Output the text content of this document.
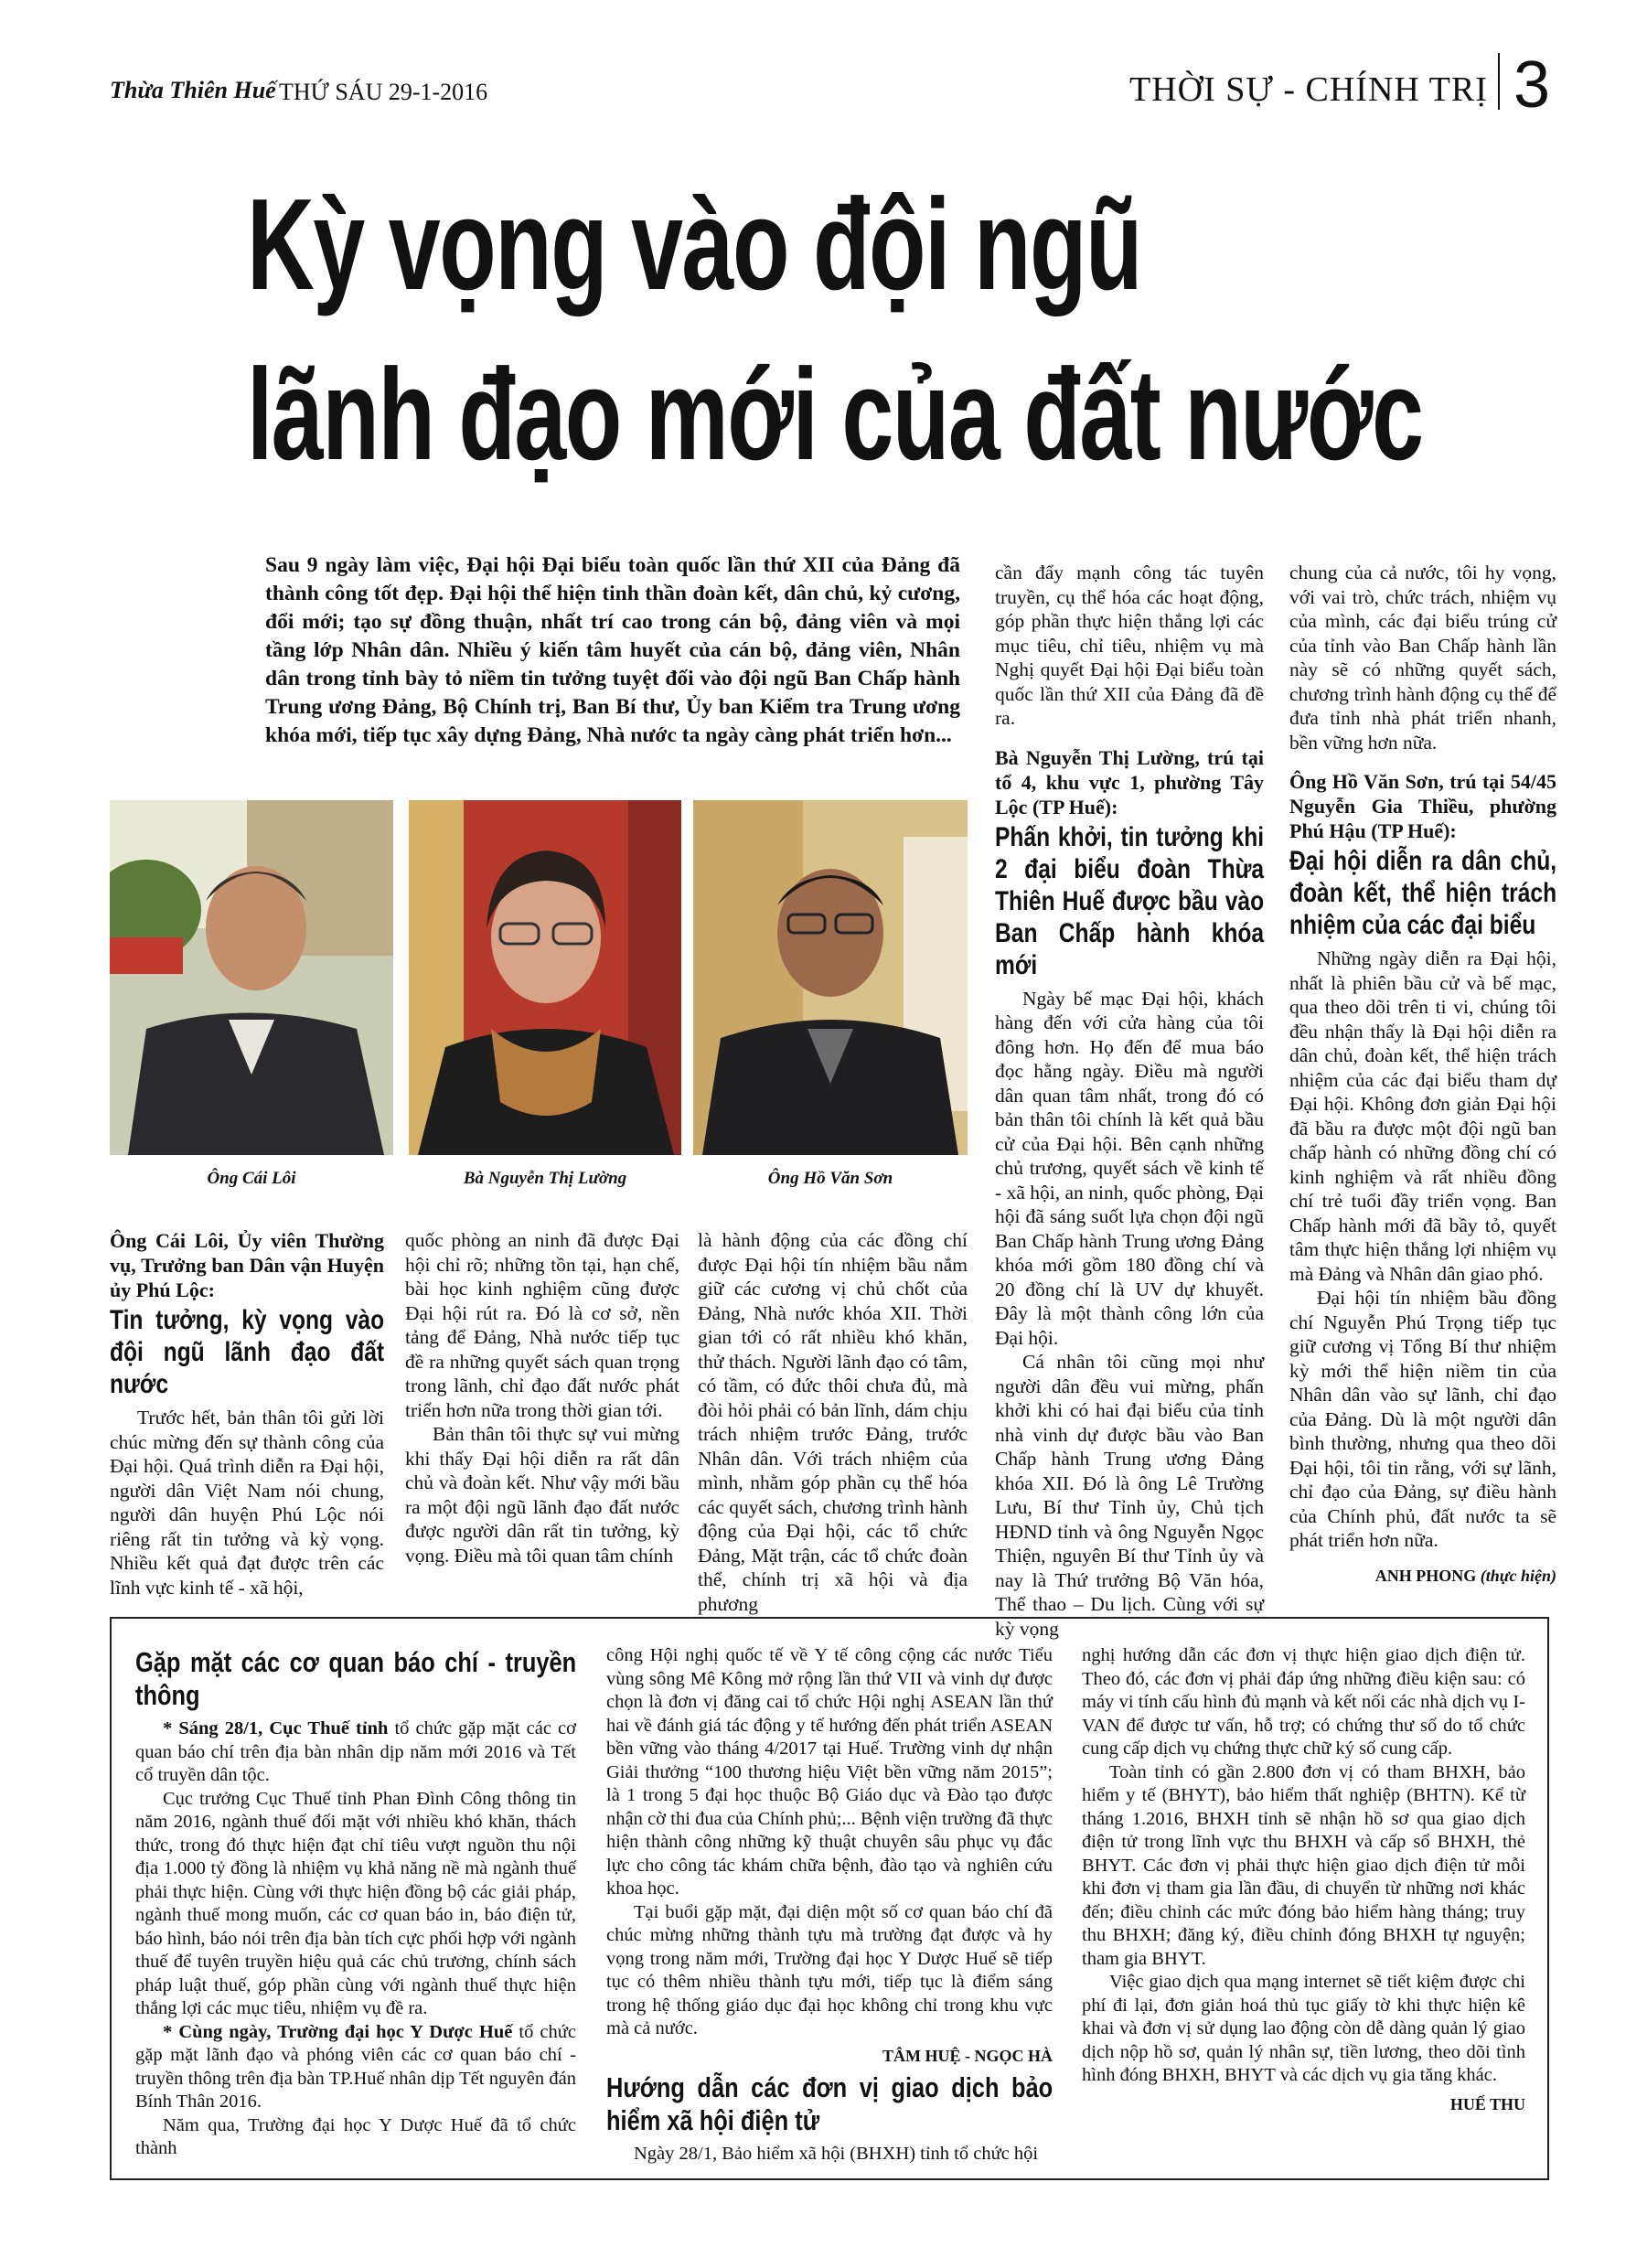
Thừa Thiên Huế THỨ SÁU 29-1-2016	THỜI SỰ - CHÍNH TRỊ 3
Kỳ vọng vào đội ngũ
lãnh đạo mới của đất nước
Sau 9 ngày làm việc, Đại hội Đại biểu toàn quốc lần thứ XII của Đảng đã thành công tốt đẹp. Đại hội thể hiện tinh thần đoàn kết, dân chủ, kỷ cương, đổi mới; tạo sự đồng thuận, nhất trí cao trong cán bộ, đảng viên và mọi tầng lớp Nhân dân. Nhiều ý kiến tâm huyết của cán bộ, đảng viên, Nhân dân trong tỉnh bày tỏ niềm tin tưởng tuyệt đối vào đội ngũ Ban Chấp hành Trung ương Đảng, Bộ Chính trị, Ban Bí thư, Ủy ban Kiểm tra Trung ương khóa mới, tiếp tục xây dựng Đảng, Nhà nước ta ngày càng phát triển hơn...
Ông Cái Lôi	Bà Nguyễn Thị Lường	Ông Hồ Văn Sơn

Ông Cái Lôi, Ủy viên Thường vụ, Trưởng ban Dân vận Huyện ủy Phú Lộc:

Tin tưởng, kỳ vọng vào đội ngũ lãnh đạo đất nước

Trước hết, bản thân tôi gửi lời chúc mừng đến sự thành công của Đại hội. Quá trình diễn ra Đại hội, người dân Việt Nam nói chung, người dân huyện Phú Lộc nói riêng rất tin tưởng và kỳ vọng. Nhiều kết quả đạt được trên các lĩnh vực kinh tế - xã hội,

quốc phòng an ninh đã được Đại hội chỉ rõ; những tồn tại, hạn chế, bài học kinh nghiệm cũng được Đại hội rút ra. Đó là cơ sở, nền tảng để Đảng, Nhà nước tiếp tục đề ra những quyết sách quan trọng trong lãnh, chỉ đạo đất nước phát triển hơn nữa trong thời gian tới.

Bản thân tôi thực sự vui mừng khi thấy Đại hội diễn ra rất dân chủ và đoàn kết. Như vậy mới bầu ra một đội ngũ lãnh đạo đất nước được người dân rất tin tưởng, kỳ vọng. Điều mà tôi quan tâm chính

là hành động của các đồng chí được Đại hội tín nhiệm bầu nắm giữ các cương vị chủ chốt của Đảng, Nhà nước khóa XII. Thời gian tới có rất nhiều khó khăn, thử thách. Người lãnh đạo có tâm, có tầm, có đức thôi chưa đủ, mà đòi hỏi phải có bản lĩnh, dám chịu trách nhiệm trước Đảng, trước Nhân dân. Với trách nhiệm của mình, nhằm góp phần cụ thể hóa các quyết sách, chương trình hành động của Đại hội, các tổ chức Đảng, Mặt trận, các tổ chức đoàn thể, chính trị xã hội và địa phương

cần đẩy mạnh công tác tuyên truyền, cụ thể hóa các hoạt động, góp phần thực hiện thắng lợi các mục tiêu, chỉ tiêu, nhiệm vụ mà Nghị quyết Đại hội Đại biểu toàn quốc lần thứ XII của Đảng đã đề ra.

Bà Nguyễn Thị Lường, trú tại tổ 4, khu vực 1, phường Tây Lộc (TP Huế):

Phấn khởi, tin tưởng khi 2 đại biểu đoàn Thừa Thiên Huế được bầu vào Ban Chấp hành khóa mới

Ngày bế mạc Đại hội, khách hàng đến với cửa hàng của tôi đông hơn. Họ đến để mua báo đọc hằng ngày. Điều mà người dân quan tâm nhất, trong đó có bản thân tôi chính là kết quả bầu cử của Đại hội. Bên cạnh những chủ trương, quyết sách về kinh tế - xã hội, an ninh, quốc phòng, Đại hội đã sáng suốt lựa chọn đội ngũ Ban Chấp hành Trung ương Đảng khóa mới gồm 180 đồng chí và 20 đồng chí là UV dự khuyết. Đây là một thành công lớn của Đại hội.

Cá nhân tôi cũng mọi như người dân đều vui mừng, phấn khởi khi có hai đại biểu của tỉnh nhà vinh dự được bầu vào Ban Chấp hành Trung ương Đảng khóa XII. Đó là ông Lê Trường Lưu, Bí thư Tỉnh ủy, Chủ tịch HĐND tỉnh và ông Nguyễn Ngọc Thiện, nguyên Bí thư Tỉnh ủy và nay là Thứ trưởng Bộ Văn hóa, Thể thao – Du lịch. Cùng với sự kỳ vọng

chung của cả nước, tôi hy vọng, với vai trò, chức trách, nhiệm vụ của mình, các đại biểu trúng cử của tỉnh vào Ban Chấp hành lần này sẽ có những quyết sách, chương trình hành động cụ thể để đưa tỉnh nhà phát triển nhanh, bền vững hơn nữa.

Ông Hồ Văn Sơn, trú tại 54/45 Nguyễn Gia Thiều, phường Phú Hậu (TP Huế):

Đại hội diễn ra dân chủ, đoàn kết, thể hiện trách nhiệm của các đại biểu

Những ngày diễn ra Đại hội, nhất là phiên bầu cử và bế mạc, qua theo dõi trên ti vi, chúng tôi đều nhận thấy là Đại hội diễn ra dân chủ, đoàn kết, thể hiện trách nhiệm của các đại biểu tham dự Đại hội. Không đơn giản Đại hội đã bầu ra được một đội ngũ ban chấp hành có những đồng chí có kinh nghiệm và rất nhiều đồng chí trẻ tuổi đầy triển vọng. Ban Chấp hành mới đã bầy tỏ, quyết tâm thực hiện thắng lợi nhiệm vụ mà Đảng và Nhân dân giao phó.

Đại hội tín nhiệm bầu đồng chí Nguyễn Phú Trọng tiếp tục giữ cương vị Tổng Bí thư nhiệm kỳ mới thể hiện niềm tin của Nhân dân vào sự lãnh, chỉ đạo của Đảng. Dù là một người dân bình thường, nhưng qua theo dõi Đại hội, tôi tin rằng, với sự lãnh, chỉ đạo của Đảng, sự điều hành của Chính phủ, đất nước ta sẽ phát triển hơn nữa.

ANH PHONG (thực hiện)
Gặp mặt các cơ quan báo chí - truyền thông

* Sáng 28/1, Cục Thuế tỉnh tổ chức gặp mặt các cơ quan báo chí trên địa bàn nhân dịp năm mới 2016 và Tết cổ truyền dân tộc.

Cục trưởng Cục Thuế tỉnh Phan Đình Công thông tin năm 2016, ngành thuế đối mặt với nhiều khó khăn, thách thức, trong đó thực hiện đạt chỉ tiêu vượt nguồn thu nội địa 1.000 tỷ đồng là nhiệm vụ khả năng nề mà ngành thuế phải thực hiện. Cùng với thực hiện đồng bộ các giải pháp, ngành thuế mong muốn, các cơ quan báo in, báo điện tử, báo hình, báo nói trên địa bàn tích cực phối hợp với ngành thuế để tuyên truyền hiệu quả các chủ trương, chính sách pháp luật thuế, góp phần cùng với ngành thuế thực hiện thắng lợi các mục tiêu, nhiệm vụ đề ra.

* Cùng ngày, Trường đại học Y Dược Huế tổ chức gặp mặt lãnh đạo và phóng viên các cơ quan báo chí - truyền thông trên địa bàn TP.Huế nhân dịp Tết nguyên đán Bính Thân 2016.

Năm qua, Trường đại học Y Dược Huế đã tổ chức thành

công Hội nghị quốc tế về Y tế công cộng các nước Tiểu vùng sông Mê Kông mở rộng lần thứ VII và vinh dự được chọn là đơn vị đăng cai tổ chức Hội nghị ASEAN lần thứ hai về đánh giá tác động y tế hướng đến phát triển ASEAN bền vững vào tháng 4/2017 tại Huế. Trường vinh dự nhận Giải thưởng “100 thương hiệu Việt bền vững năm 2015”; là 1 trong 5 đại học thuộc Bộ Giáo dục và Đào tạo được nhận cờ thi đua của Chính phủ;... Bệnh viện trường đã thực hiện thành công những kỹ thuật chuyên sâu phục vụ đắc lực cho công tác khám chữa bệnh, đào tạo và nghiên cứu khoa học.

Tại buổi gặp mặt, đại diện một số cơ quan báo chí đã chúc mừng những thành tựu mà trường đạt được và hy vọng trong năm mới, Trường đại học Y Dược Huế sẽ tiếp tục có thêm nhiều thành tựu mới, tiếp tục là điểm sáng trong hệ thống giáo dục đại học không chỉ trong khu vực mà cả nước.

TÂM HUỆ - NGỌC HÀ
Hướng dẫn các đơn vị giao dịch bảo hiểm xã hội điện tử

Ngày 28/1, Bảo hiểm xã hội (BHXH) tỉnh tổ chức hội

nghị hướng dẫn các đơn vị thực hiện giao dịch điện tử. Theo đó, các đơn vị phải đáp ứng những điều kiện sau: có máy vi tính cấu hình đủ mạnh và kết nối các nhà dịch vụ I-VAN để được tư vấn, hỗ trợ; có chứng thư số do tổ chức cung cấp dịch vụ chứng thực chữ ký số cung cấp.

Toàn tỉnh có gần 2.800 đơn vị có tham BHXH, bảo hiểm y tế (BHYT), bảo hiểm thất nghiệp (BHTN). Kể từ tháng 1.2016, BHXH tỉnh sẽ nhận hồ sơ qua giao dịch điện tử trong lĩnh vực thu BHXH và cấp sổ BHXH, thẻ BHYT. Các đơn vị phải thực hiện giao dịch điện tử mỗi khi đơn vị tham gia lần đầu, di chuyển từ những nơi khác đến; điều chỉnh các mức đóng bảo hiểm hàng tháng; truy thu BHXH; đăng ký, điều chỉnh đóng BHXH tự nguyện; tham gia BHYT.

Việc giao dịch qua mạng internet sẽ tiết kiệm được chi phí đi lại, đơn giản hoá thủ tục giấy tờ khi thực hiện kê khai và đơn vị sử dụng lao động còn dễ dàng quản lý giao dịch nộp hồ sơ, quản lý nhân sự, tiền lương, theo dõi tình hình đóng BHXH, BHYT và các dịch vụ gia tăng khác.

HUẾ THU
